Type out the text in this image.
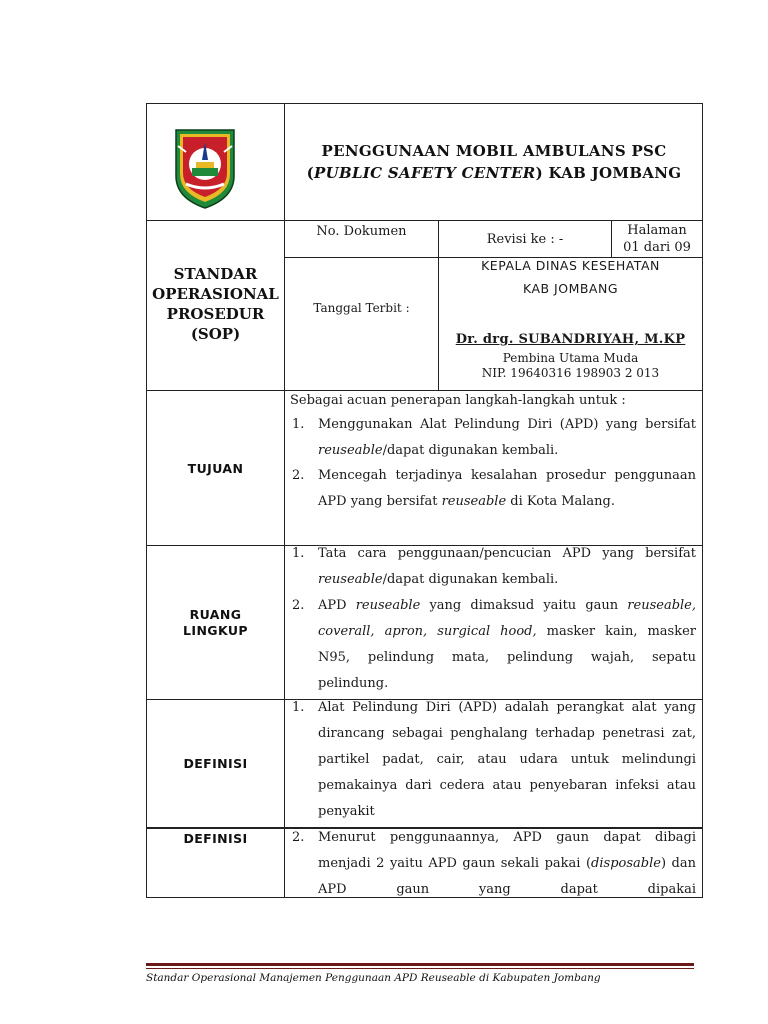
PENGGUNAAN MOBIL AMBULANS PSC
(PUBLIC SAFETY CENTER) KAB JOMBANG
No. Dokumen
Revisi ke : -
Halaman
01 dari 09
STANDAR
OPERASIONAL
PROSEDUR
(SOP)
Tanggal Terbit :
KEPALA DINAS KESEHATAN
KAB JOMBANG
Dr. drg. SUBANDRIYAH, M.KP
Pembina Utama Muda
NIP. 19640316 198903 2 013
TUJUAN
Sebagai acuan penerapan langkah-langkah untuk :
1. Menggunakan Alat Pelindung Diri (APD) yang bersifat reuseable/dapat digunakan kembali.
2. Mencegah terjadinya kesalahan prosedur penggunaan APD yang bersifat reuseable di Kota Malang.
RUANG
LINGKUP
1. Tata cara penggunaan/pencucian APD yang bersifat reuseable/dapat digunakan kembali.
2. APD reuseable yang dimaksud yaitu gaun reuseable, coverall, apron, surgical hood, masker kain, masker N95, pelindung mata, pelindung wajah, sepatu pelindung.
DEFINISI
1. Alat Pelindung Diri (APD) adalah perangkat alat yang dirancang sebagai penghalang terhadap penetrasi zat, partikel padat, cair, atau udara untuk melindungi pemakainya dari cedera atau penyebaran infeksi atau penyakit
DEFINISI	2. Menurut penggunaannya, APD gaun dapat dibagi menjadi 2 yaitu APD gaun sekali pakai (disposable) dan APD gaun yang dapat dipakai
Standar Operasional Manajemen Penggunaan APD Reuseable di Kabupaten Jombang
